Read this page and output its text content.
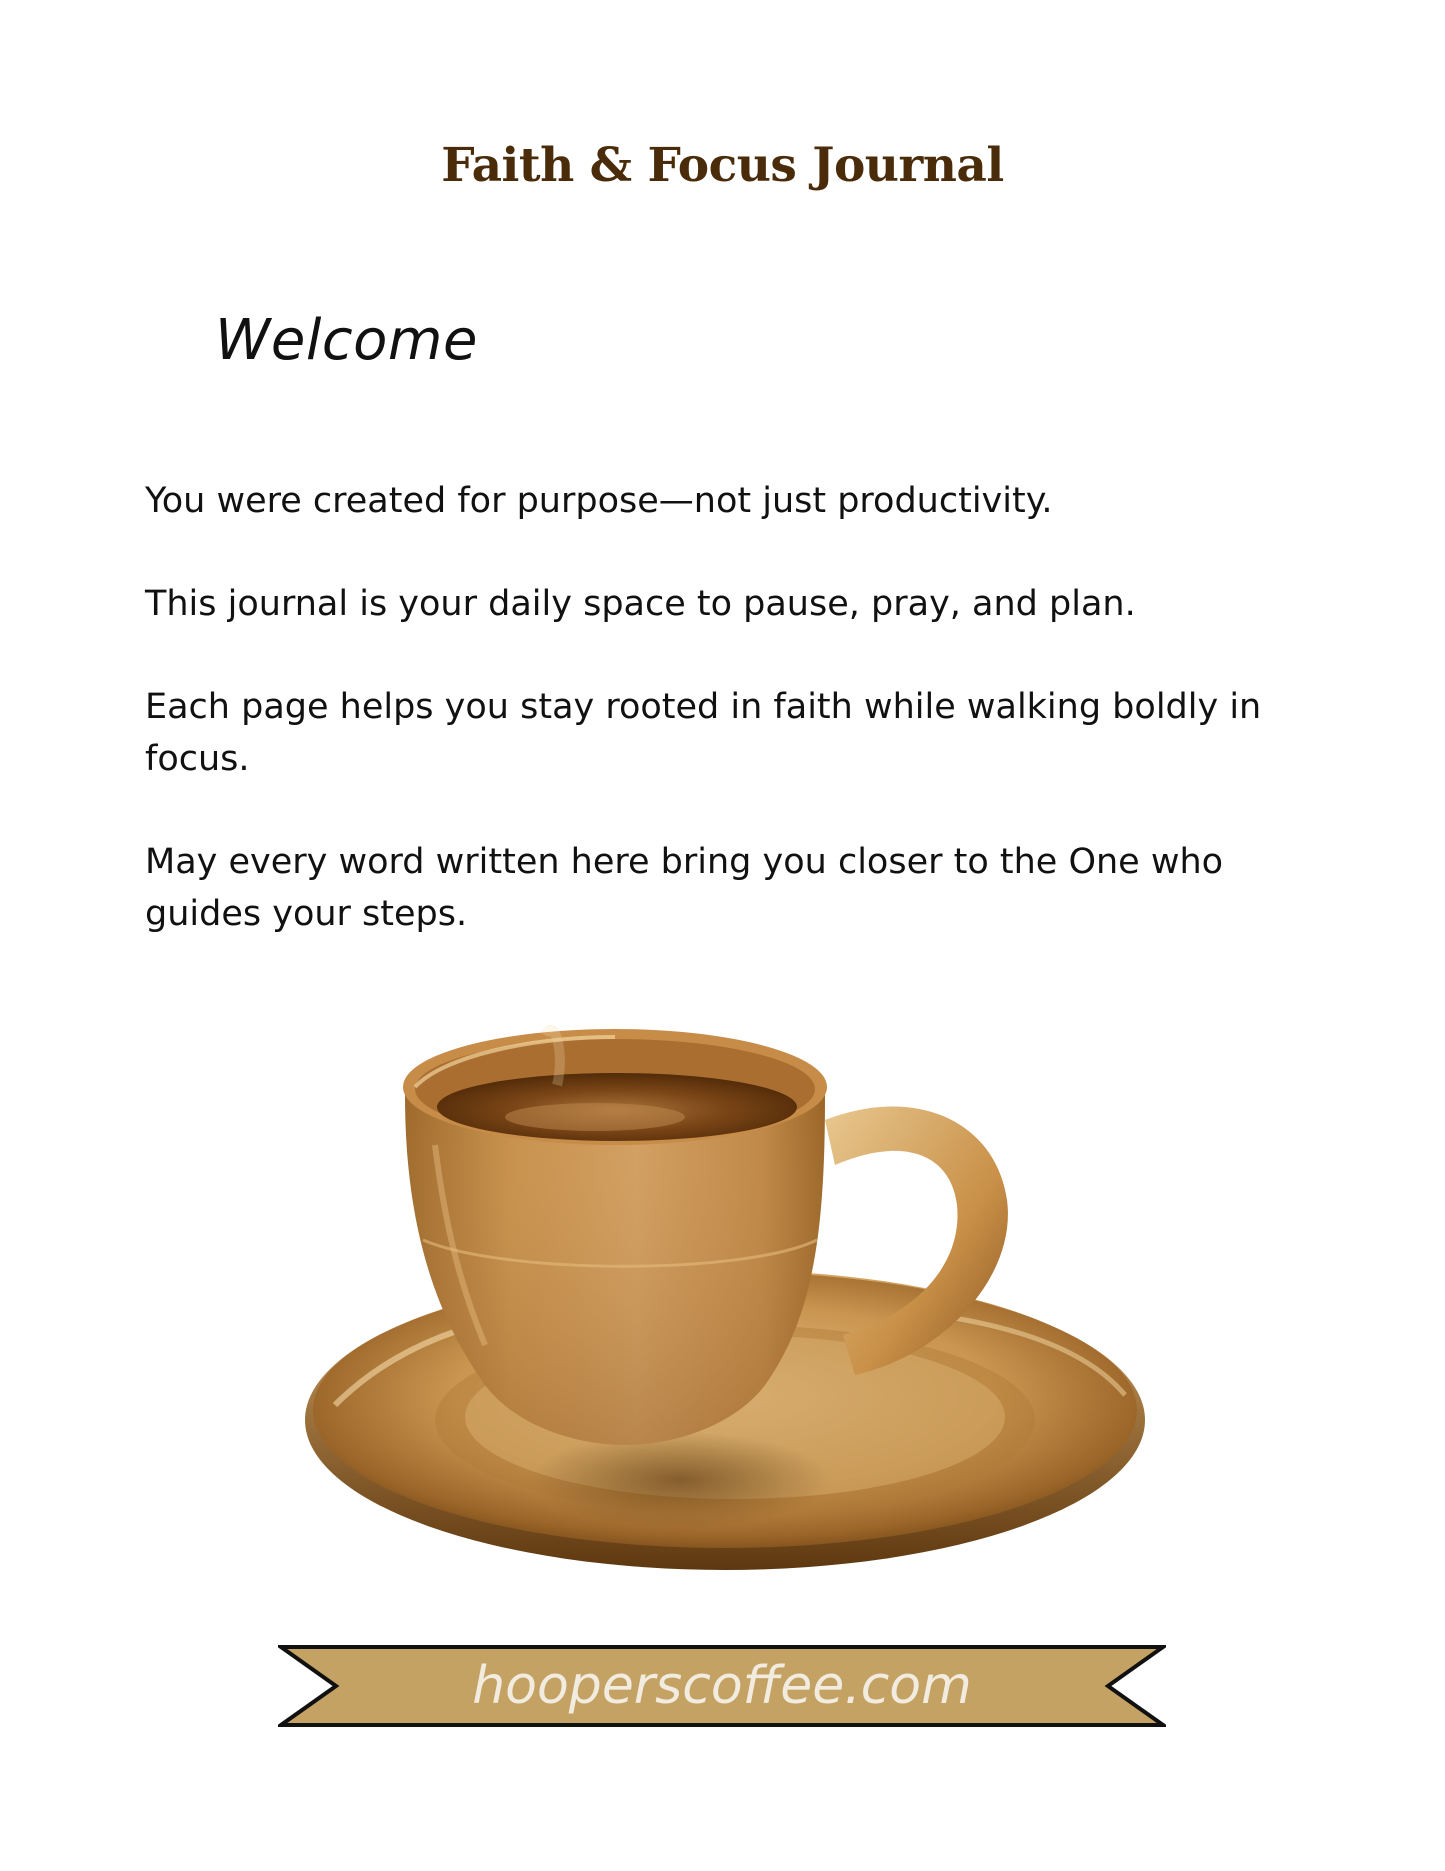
Faith & Focus Journal
Welcome

You were created for purpose—not just productivity.

This journal is your daily space to pause, pray, and plan.

Each page helps you stay rooted in faith while walking boldly in focus.

May every word written here bring you closer to the One who guides your steps.

hooperscoffee.com
